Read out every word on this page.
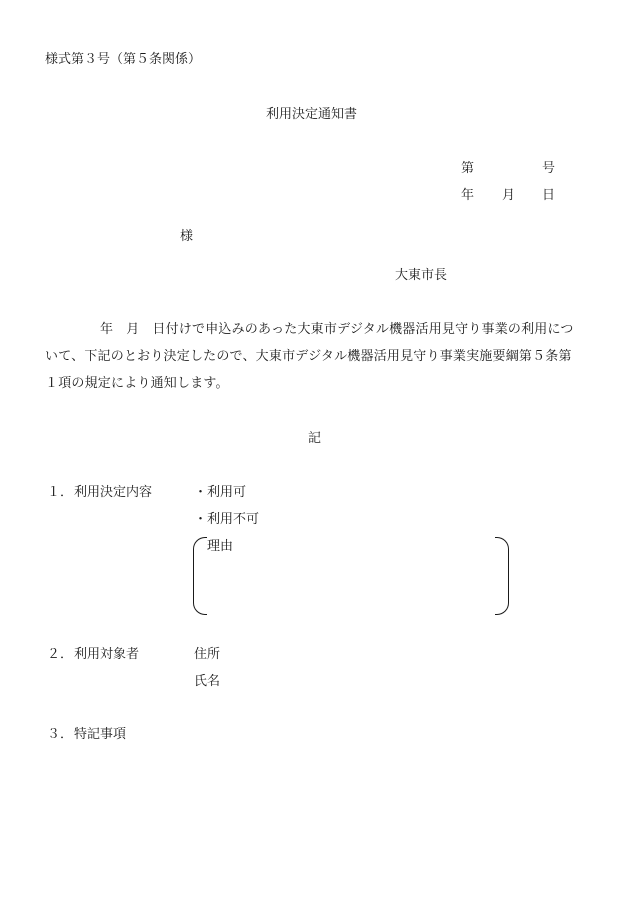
様式第３号（第５条関係）
利用決定通知書
第	号
年 月 日
様
大東市長
年 月 日付けで申込みのあった大東市デジタル機器活用見守り事業の利用につ
いて、下記のとおり決定したので、大東市デジタル機器活用見守り事業実施要綱第５条第
１項の規定により通知します。
記
１． 利用決定内容	・利用可
・利用不可
理由
２． 利用対象者	住所
氏名
３． 特記事項
